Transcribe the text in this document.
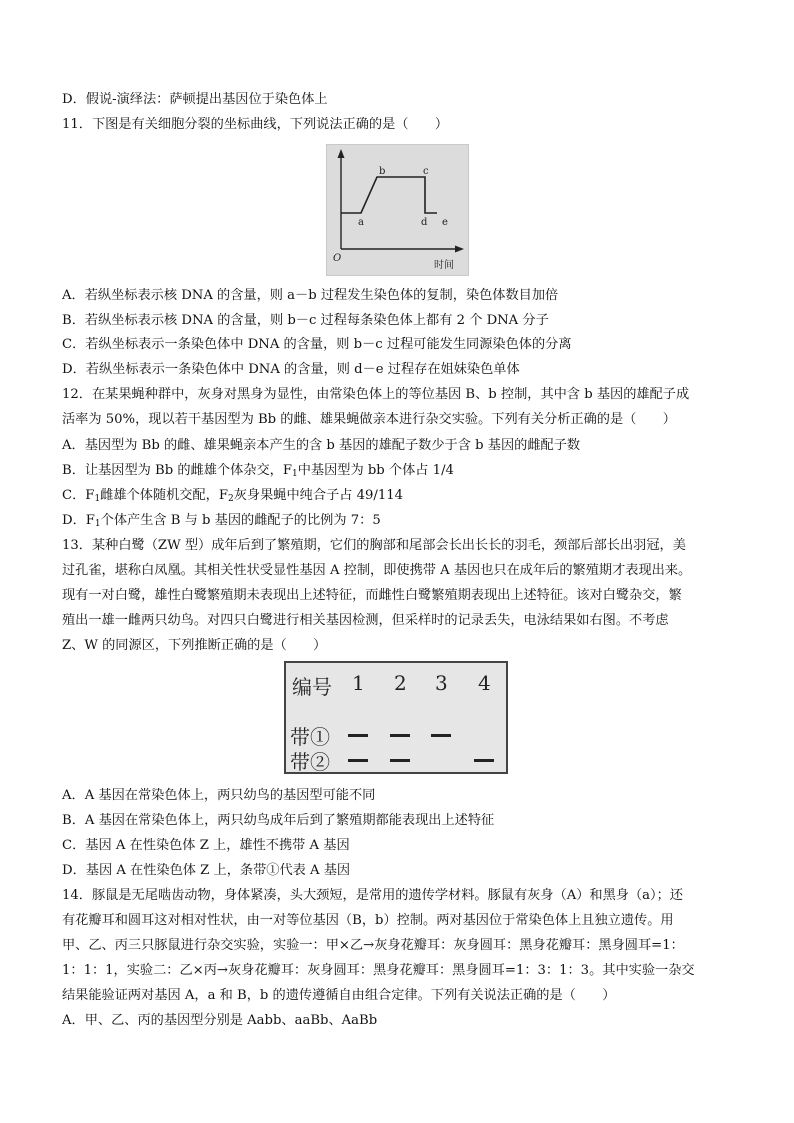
D．假说-演绎法：萨顿提出基因位于染色体上
11．下图是有关细胞分裂的坐标曲线，下列说法正确的是（　　）
O
时间
a
b	c
d e
A．若纵坐标表示核 DNA 的含量，则 a－b 过程发生染色体的复制，染色体数目加倍
B．若纵坐标表示核 DNA 的含量，则 b－c 过程每条染色体上都有 2 个 DNA 分子
C．若纵坐标表示一条染色体中 DNA 的含量，则 b－c 过程可能发生同源染色体的分离
D．若纵坐标表示一条染色体中 DNA 的含量，则 d－e 过程存在姐妹染色单体
12．在某果蝇种群中，灰身对黑身为显性，由常染色体上的等位基因 B、b 控制，其中含 b 基因的雄配子成
活率为 50%，现以若干基因型为 Bb 的雌、雄果蝇做亲本进行杂交实验。下列有关分析正确的是（　　）
A．基因型为 Bb 的雌、雄果蝇亲本产生的含 b 基因的雄配子数少于含 b 基因的雌配子数
B．让基因型为 Bb 的雌雄个体杂交，$F_1$中基因型为 bb 个体占 1/4
C．$F_1$雌雄个体随机交配，$F_2$灰身果蝇中纯合子占 49/114
D．$F_1$个体产生含 B 与 b 基因的雌配子的比例为 7：5
13．某种白鹭（ZW 型）成年后到了繁殖期，它们的胸部和尾部会长出长长的羽毛，颈部后部长出羽冠，美
过孔雀，堪称白凤凰。其相关性状受显性基因 A 控制，即使携带 A 基因也只在成年后的繁殖期才表现出来。
现有一对白鹭，雄性白鹭繁殖期未表现出上述特征，而雌性白鹭繁殖期表现出上述特征。该对白鹭杂交，繁
殖出一雄一雌两只幼鸟。对四只白鹭进行相关基因检测，但采样时的记录丢失，电泳结果如右图。不考虑
Z、W 的同源区，下列推断正确的是（　　）
编号 1 2 3 4
带①
带②
A．A 基因在常染色体上，两只幼鸟的基因型可能不同
B．A 基因在常染色体上，两只幼鸟成年后到了繁殖期都能表现出上述特征
C．基因 A 在性染色体 Z 上，雄性不携带 A 基因
D．基因 A 在性染色体 Z 上，条带①代表 A 基因
14．豚鼠是无尾啮齿动物，身体紧凑，头大颈短，是常用的遗传学材料。豚鼠有灰身（A）和黑身（a）；还
有花瓣耳和圆耳这对相对性状，由一对等位基因（B，b）控制。两对基因位于常染色体上且独立遗传。用
甲、乙、丙三只豚鼠进行杂交实验，实验一：甲×乙→灰身花瓣耳：灰身圆耳：黑身花瓣耳：黑身圆耳=1：
1：1：1，实验二：乙×丙→灰身花瓣耳：灰身圆耳：黑身花瓣耳：黑身圆耳=1：3：1：3。其中实验一杂交
结果能验证两对基因 A，a 和 B，b 的遗传遵循自由组合定律。下列有关说法正确的是（　　）
A．甲、乙、丙的基因型分别是 Aabb、aaBb、AaBb
